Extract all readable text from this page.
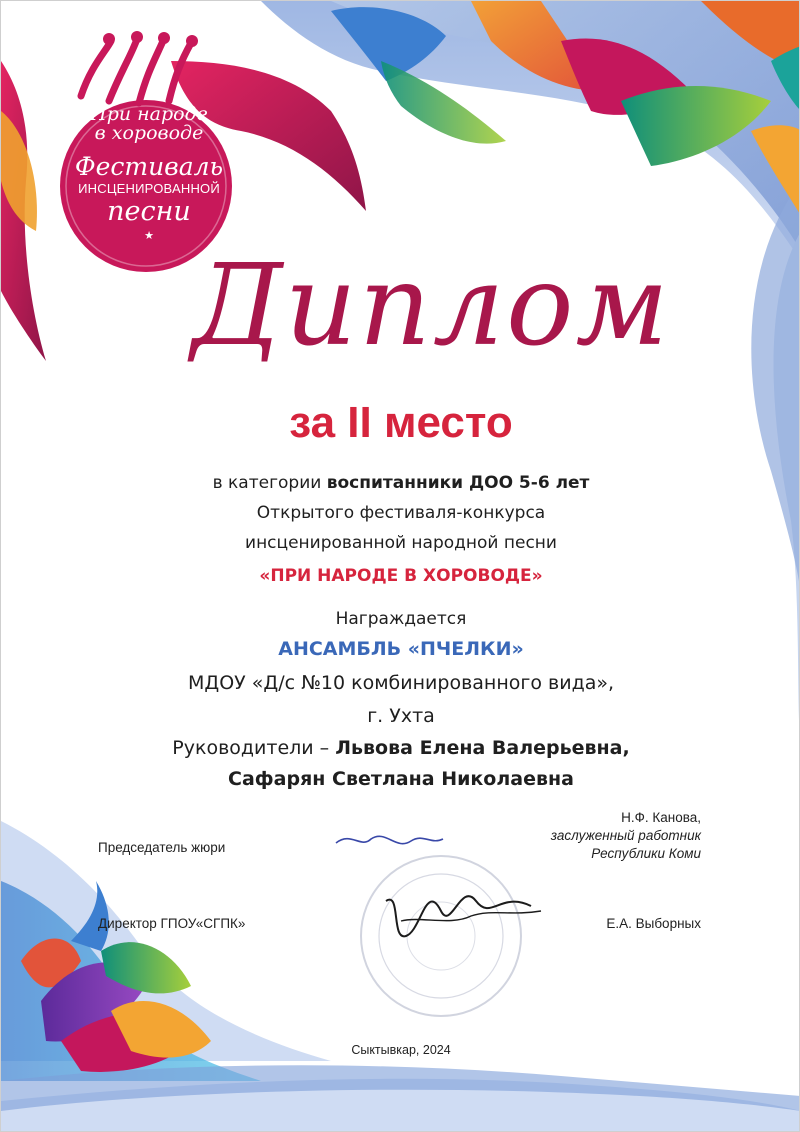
При народе
в хороводе
Фестиваль
ИНСЦЕНИРОВАННОЙ
песни
★
Диплом
за II место
в категории воспитанники ДОО 5-6 лет
Открытого фестиваля-конкурса
инсценированной народной песни
«ПРИ НАРОДЕ В ХОРОВОДЕ»
Награждается
АНСАМБЛЬ «ПЧЕЛКИ»
МДОУ «Д/с №10 комбинированного вида»,
г. Ухта
Руководители – Львова Елена Валерьевна,
Сафарян Светлана Николаевна
Председатель жюри
Н.Ф. Канова,
заслуженный работник
Республики Коми
Директор ГПОУ«СГПК»	Е.А. Выборных
Сыктывкар, 2024
